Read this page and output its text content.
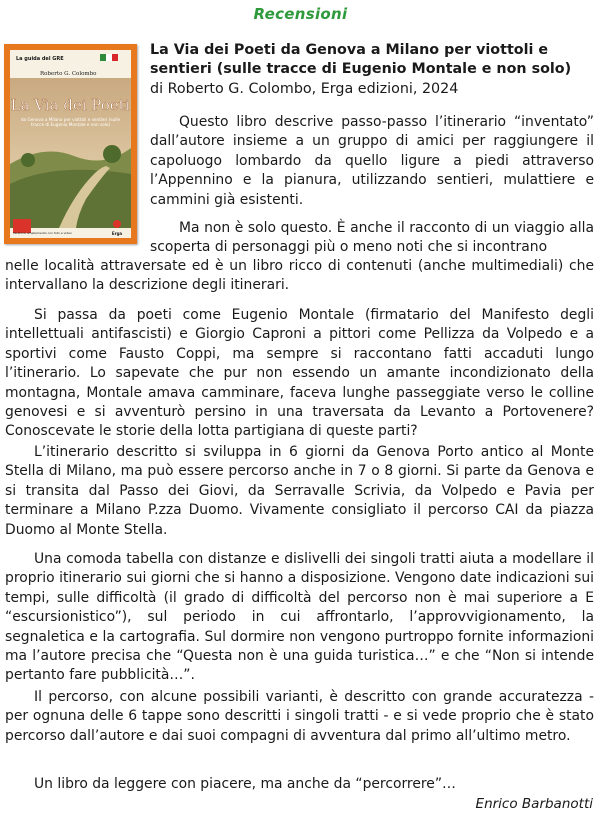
Recensioni
La guida del GRE
Roberto G. Colombo
La Via dei Poeti
da Genova a Milano per viottoli e sentieri (sulle tracce di Eugenio Montale e non solo)
Versione ampliamento con foto e video	Erga
La Via dei Poeti da Genova a Milano per viottoli e sentieri (sulle tracce di Eugenio Montale e non solo)
di Roberto G. Colombo, Erga edizioni, 2024
Questo libro descrive passo-passo l’itinerario “inventato” dall’autore insieme a un gruppo di amici per raggiungere il capoluogo lombardo da quello ligure a piedi attraverso l’Appennino e la pianura, utilizzando sentieri, mulattiere e cammini già esistenti.
Ma non è solo questo. È anche il racconto di un viaggio alla scoperta di personaggi più o meno noti che si incontrano
nelle località attraversate ed è un libro ricco di contenuti (anche multimediali) che intervallano la descrizione degli itinerari.
Si passa da poeti come Eugenio Montale (firmatario del Manifesto degli intellettuali antifascisti) e Giorgio Caproni a pittori come Pellizza da Volpedo e a sportivi come Fausto Coppi, ma sempre si raccontano fatti accaduti lungo l’itinerario. Lo sapevate che pur non essendo un amante incondizionato della montagna, Montale amava camminare, faceva lunghe passeggiate verso le colline genovesi e si avventurò persino in una traversata da Levanto a Portovenere? Conoscevate le storie della lotta partigiana di queste parti?
L’itinerario descritto si sviluppa in 6 giorni da Genova Porto antico al Monte Stella di Milano, ma può essere percorso anche in 7 o 8 giorni. Si parte da Genova e si transita dal Passo dei Giovi, da Serravalle Scrivia, da Volpedo e Pavia per terminare a Milano P.zza Duomo. Vivamente consigliato il percorso CAI da piazza Duomo al Monte Stella.
Una comoda tabella con distanze e dislivelli dei singoli tratti aiuta a modellare il proprio itinerario sui giorni che si hanno a disposizione. Vengono date indicazioni sui tempi, sulle difficoltà (il grado di difficoltà del percorso non è mai superiore a E “escursionistico”), sul periodo in cui affrontarlo, l’approvvigionamento, la segnaletica e la cartografia. Sul dormire non vengono purtroppo fornite informazioni ma l’autore precisa che “Questa non è una guida turistica…” e che “Non si intende pertanto fare pubblicità…”.
Il percorso, con alcune possibili varianti, è descritto con grande accuratezza - per ognuna delle 6 tappe sono descritti i singoli tratti - e si vede proprio che è stato percorso dall’autore e dai suoi compagni di avventura dal primo all’ultimo metro.
Un libro da leggere con piacere, ma anche da “percorrere”…
Enrico Barbanotti
